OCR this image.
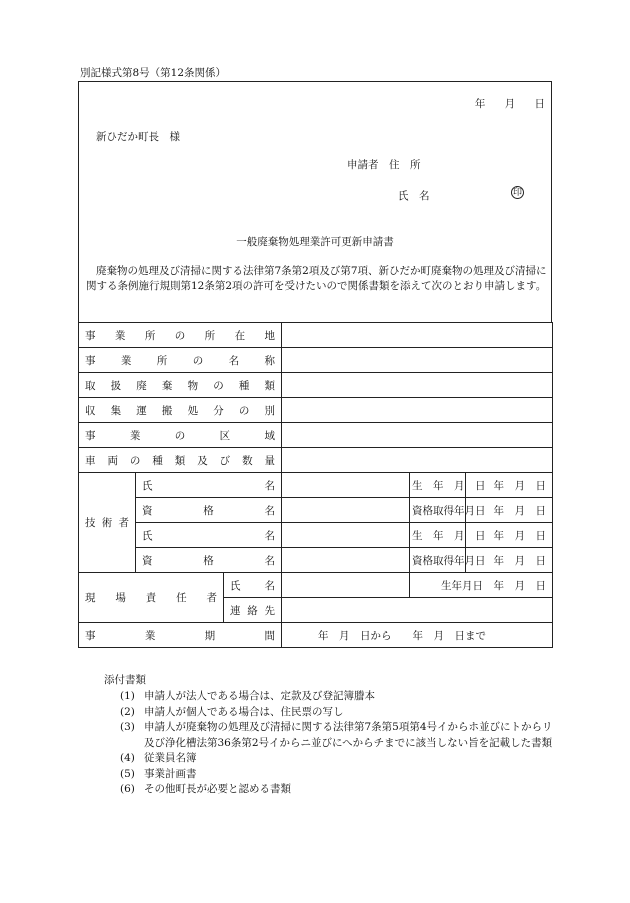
別記様式第8号（第12条関係）
年 月 日
新ひだか町長　様
申請者　住　所
氏　名	印
一般廃棄物処理業許可更新申請書
廃棄物の処理及び清掃に関する法律第7条第2項及び第7項、新ひだか町廃棄物の処理及び清掃に関する条例施行規則第12条第2項の許可を受けたいので関係書類を添えて次のとおり申請します。
事業所の所在地					
事業所の名称					
取扱廃棄物の種類					
収集運搬処分の別					
事業の区域					
車両の種類及び数量					
技術者	氏名			生　年　月　日	年　月　日
	資格名			資格取得年月日	年　月　日
	氏名			生　年　月　日	年　月　日
	資格名			資格取得年月日	年　月　日
現場責任者		氏　名		生年月日　年　月　日	
		連絡先			
事業期間			年　月　日から　　年　月　日まで		
添付書類
(1) 申請人が法人である場合は、定款及び登記簿謄本
(2) 申請人が個人である場合は、住民票の写し
(3) 申請人が廃棄物の処理及び清掃に関する法律第7条第5項第4号イからホ並びにトからリ及び浄化槽法第36条第2号イからニ並びにへからチまでに該当しない旨を記載した書類
(4) 従業員名簿
(5) 事業計画書
(6) その他町長が必要と認める書類
